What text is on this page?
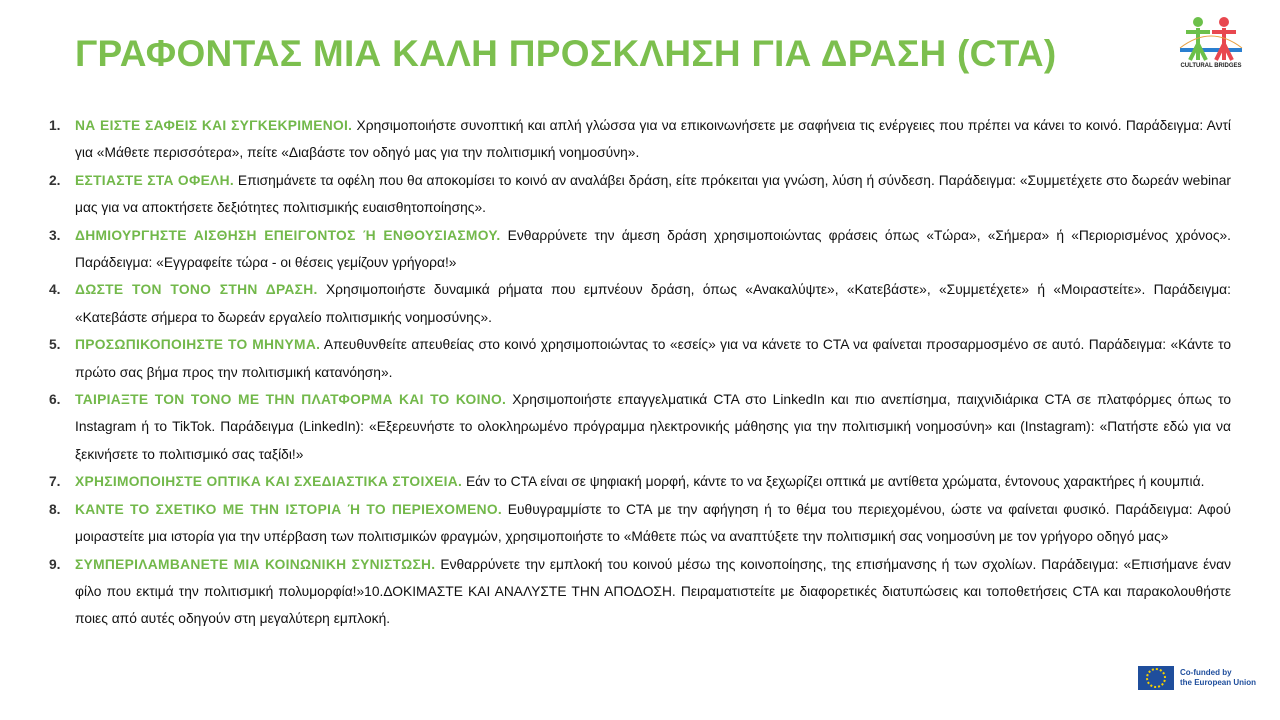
ΓΡΑΦΟΝΤΑΣ ΜΙΑ ΚΑΛΗ ΠΡΟΣΚΛΗΣΗ ΓΙΑ ΔΡΑΣΗ (CTA)	CULTURAL BRIDGES
1. ΝΑ ΕΙΣΤΕ ΣΑΦΕΙΣ ΚΑΙ ΣΥΓΚΕΚΡΙΜΕΝΟΙ. Χρησιμοποιήστε συνοπτική και απλή γλώσσα για να επικοινωνήσετε με σαφήνεια τις ενέργειες που πρέπει να κάνει το κοινό. Παράδειγμα: Αντί για «Μάθετε περισσότερα», πείτε «Διαβάστε τον οδηγό μας για την πολιτισμική νοημοσύνη».
2. ΕΣΤΙΑΣΤΕ ΣΤΑ ΟΦΕΛΗ. Επισημάνετε τα οφέλη που θα αποκομίσει το κοινό αν αναλάβει δράση, είτε πρόκειται για γνώση, λύση ή σύνδεση. Παράδειγμα: «Συμμετέχετε στο δωρεάν webinar μας για να αποκτήσετε δεξιότητες πολιτισμικής ευαισθητοποίησης».
3. ΔΗΜΙΟΥΡΓΗΣΤΕ ΑΙΣΘΗΣΗ ΕΠΕΙΓΟΝΤΟΣ Ή ΕΝΘΟΥΣΙΑΣΜΟΥ. Ενθαρρύνετε την άμεση δράση χρησιμοποιώντας φράσεις όπως «Τώρα», «Σήμερα» ή «Περιορισμένος χρόνος». Παράδειγμα: «Εγγραφείτε τώρα - οι θέσεις γεμίζουν γρήγορα!»
4. ΔΩΣΤΕ ΤΟΝ ΤΟΝΟ ΣΤΗΝ ΔΡΑΣΗ. Χρησιμοποιήστε δυναμικά ρήματα που εμπνέουν δράση, όπως «Ανακαλύψτε», «Κατεβάστε», «Συμμετέχετε» ή «Μοιραστείτε». Παράδειγμα: «Κατεβάστε σήμερα το δωρεάν εργαλείο πολιτισμικής νοημοσύνης».
5. ΠΡΟΣΩΠΙΚΟΠΟΙΗΣΤΕ ΤΟ ΜΗΝΥΜΑ. Απευθυνθείτε απευθείας στο κοινό χρησιμοποιώντας το «εσείς» για να κάνετε το CTA να φαίνεται προσαρμοσμένο σε αυτό. Παράδειγμα: «Κάντε το πρώτο σας βήμα προς την πολιτισμική κατανόηση».
6. ΤΑΙΡΙΑΞΤΕ ΤΟΝ ΤΟΝΟ ΜΕ ΤΗΝ ΠΛΑΤΦΟΡΜΑ ΚΑΙ ΤΟ ΚΟΙΝΟ. Χρησιμοποιήστε επαγγελματικά CTA στο LinkedIn και πιο ανεπίσημα, παιχνιδιάρικα CTA σε πλατφόρμες όπως το Instagram ή το TikTok. Παράδειγμα (LinkedIn): «Εξερευνήστε το ολοκληρωμένο πρόγραμμα ηλεκτρονικής μάθησης για την πολιτισμική νοημοσύνη» και (Instagram): «Πατήστε εδώ για να ξεκινήσετε το πολιτισμικό σας ταξίδι!»
7. ΧΡΗΣΙΜΟΠΟΙΗΣΤΕ ΟΠΤΙΚΑ ΚΑΙ ΣΧΕΔΙΑΣΤΙΚΑ ΣΤΟΙΧΕΙΑ. Εάν το CTA είναι σε ψηφιακή μορφή, κάντε το να ξεχωρίζει οπτικά με αντίθετα χρώματα, έντονους χαρακτήρες ή κουμπιά.
8. ΚΑΝΤΕ ΤΟ ΣΧΕΤΙΚΟ ΜΕ ΤΗΝ ΙΣΤΟΡΙΑ Ή ΤΟ ΠΕΡΙΕΧΟΜΕΝΟ. Ευθυγραμμίστε το CTA με την αφήγηση ή το θέμα του περιεχομένου, ώστε να φαίνεται φυσικό. Παράδειγμα: Αφού μοιραστείτε μια ιστορία για την υπέρβαση των πολιτισμικών φραγμών, χρησιμοποιήστε το «Μάθετε πώς να αναπτύξετε την πολιτισμική σας νοημοσύνη με τον γρήγορο οδηγό μας»
9. ΣΥΜΠΕΡΙΛΑΜΒΑΝΕΤΕ ΜΙΑ ΚΟΙΝΩΝΙΚΗ ΣΥΝΙΣΤΩΣΗ. Ενθαρρύνετε την εμπλοκή του κοινού μέσω της κοινοποίησης, της επισήμανσης ή των σχολίων. Παράδειγμα: «Επισήμανε έναν φίλο που εκτιμά την πολιτισμική πολυμορφία!»10.ΔΟΚΙΜΑΣΤΕ ΚΑΙ ΑΝΑΛΥΣΤΕ ΤΗΝ ΑΠΟΔΟΣΗ. Πειραματιστείτε με διαφορετικές διατυπώσεις και τοποθετήσεις CTA και παρακολουθήστε ποιες από αυτές οδηγούν στη μεγαλύτερη εμπλοκή.
Co-funded by
the European Union
